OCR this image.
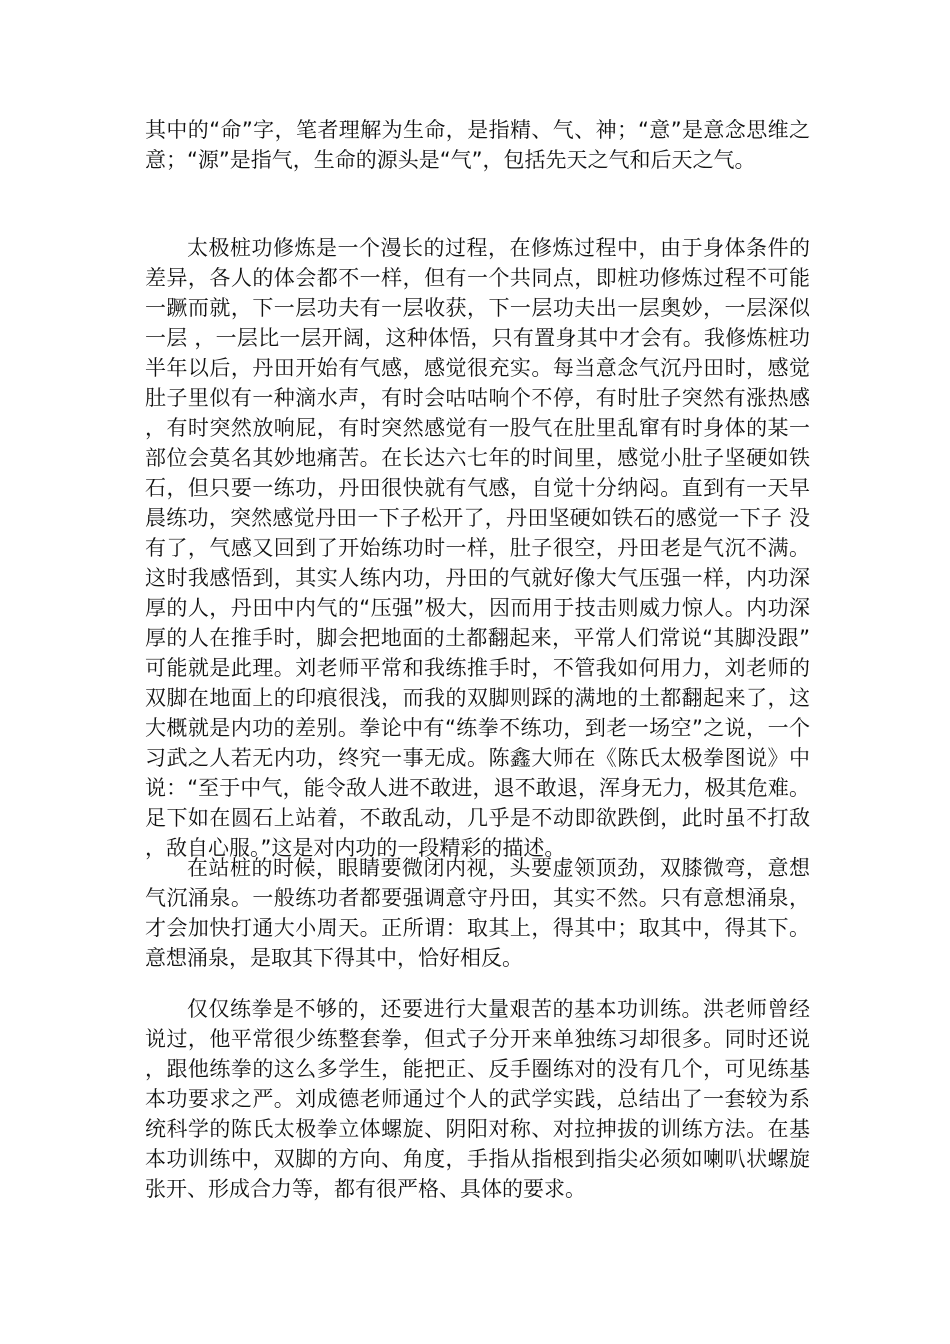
其中的“命”字，笔者理解为生命，是指精、气、神；“意”是意念思维之意；“源”是指气，生命的源头是“气”，包括先天之气和后天之气。

太极桩功修炼是一个漫长的过程，在修炼过程中，由于身体条件的差异，各人的体会都不一样，但有一个共同点，即桩功修炼过程不可能一蹶而就，下一层功夫有一层收获，下一层功夫出一层奥妙，一层深似一层 ，一层比一层开阔，这种体悟，只有置身其中才会有。我修炼桩功半年以后，丹田开始有气感，感觉很充实。每当意念气沉丹田时，感觉肚子里似有一种滴水声，有时会咕咕响个不停，有时肚子突然有涨热感，有时突然放响屁，有时突然感觉有一股气在肚里乱窜有时身体的某一部位会莫名其妙地痛苦。在长达六七年的时间里，感觉小肚子坚硬如铁石，但只要一练功，丹田很快就有气感，自觉十分纳闷。直到有一天早晨练功，突然感觉丹田一下子松开了，丹田坚硬如铁石的感觉一下子 没有了，气感又回到了开始练功时一样，肚子很空，丹田老是气沉不满。这时我感悟到，其实人练内功，丹田的气就好像大气压强一样，内功深厚的人，丹田中内气的“压强”极大，因而用于技击则威力惊人。内功深厚的人在推手时，脚会把地面的土都翻起来，平常人们常说“其脚没跟”可能就是此理。刘老师平常和我练推手时，不管我如何用力，刘老师的双脚在地面上的印痕很浅，而我的双脚则踩的满地的土都翻起来了，这大概就是内功的差别。拳论中有“练拳不练功，到老一场空”之说，一个习武之人若无内功，终究一事无成。陈鑫大师在《陈氏太极拳图说》中说：“至于中气，能令敌人进不敢进，退不敢退，浑身无力，极其危难。足下如在圆石上站着，不敢乱动，几乎是不动即欲跌倒，此时虽不打敌，敌自心服。”这是对内功的一段精彩的描述。

在站桩的时候，眼睛要微闭内视，头要虚领顶劲，双膝微弯，意想气沉涌泉。一般练功者都要强调意守丹田，其实不然。只有意想涌泉，才会加快打通大小周天。正所谓：取其上，得其中；取其中，得其下。意想涌泉，是取其下得其中，恰好相反。

仅仅练拳是不够的，还要进行大量艰苦的基本功训练。洪老师曾经说过，他平常很少练整套拳，但式子分开来单独练习却很多。同时还说，跟他练拳的这么多学生，能把正、反手圈练对的没有几个，可见练基本功要求之严。刘成德老师通过个人的武学实践，总结出了一套较为系统科学的陈氏太极拳立体螺旋、阴阳对称、对拉抻拔的训练方法。在基本功训练中，双脚的方向、角度，手指从指根到指尖必须如喇叭状螺旋张开、形成合力等，都有很严格、具体的要求。
